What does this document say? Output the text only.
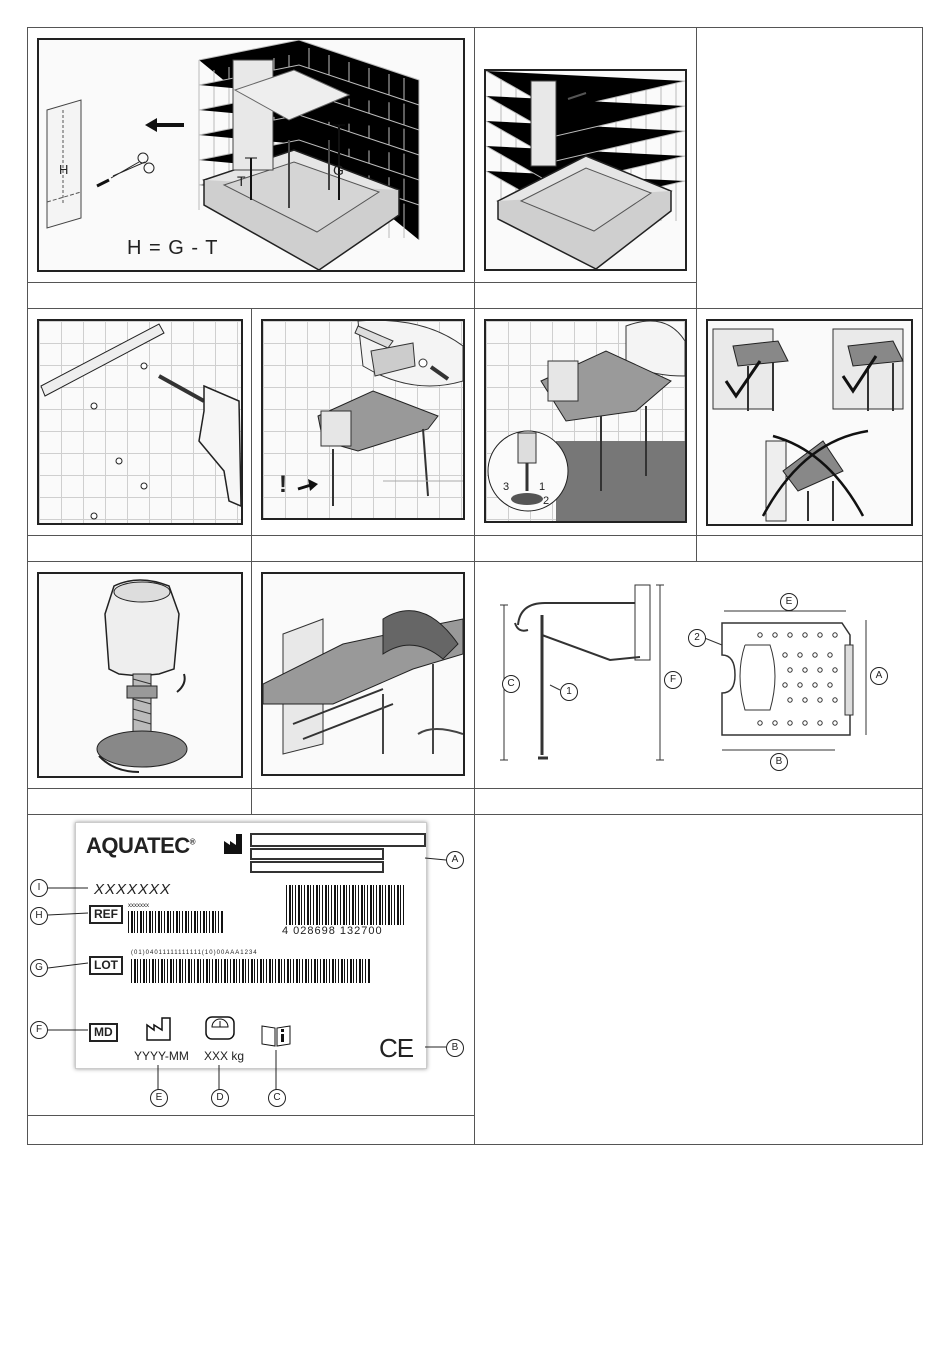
H = G - T
T
G
H
!	3	1
2
C	F
1
2
E
A
B
AQUATEC®
XXXXXXX
REF
xxxxxxx
4 028698 132700
LOT
(01)04011111111111(10)00AAA1234
MD
YYYY-MM XXX kg	CE
A
B
I
H
G
F
E	D	C
